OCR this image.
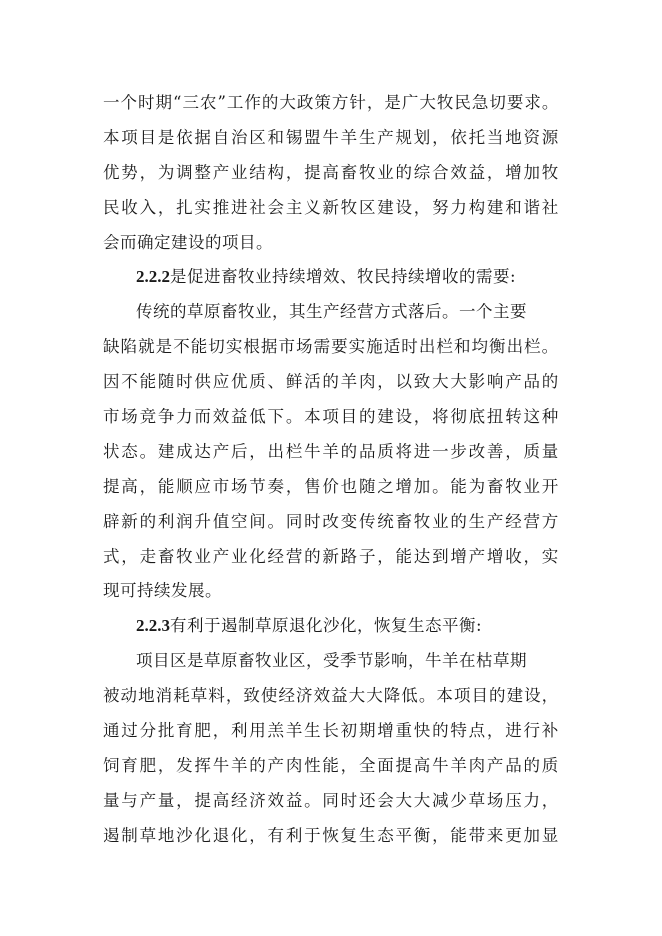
一 个 时 期 “ 三 农 ” 工 作 的 大 政 策 方 针 ， 是 广 大 牧 民 急 切 要 求 。
本 项 目 是 依 据 自 治 区 和 锡 盟 牛 羊 生 产 规 划 ， 依 托 当 地 资 源
优 势 ， 为 调 整 产 业 结 构 ， 提 高 畜 牧 业 的 综 合 效 益 ， 增 加 牧
民 收 入 ， 扎 实 推 进 社 会 主 义 新 牧 区 建 设 ， 努 力 构 建 和 谐 社
会而确定建设的项目。
2.2.2是促进畜牧业持续增效、牧民持续增收的需要:
传统的草原畜牧业，其生产经营方式落后。一个主要
缺 陷 就 是 不 能 切 实 根 据 市 场 需 要 实 施 适 时 出 栏 和 均 衡 出 栏 。
因 不 能 随 时 供 应 优 质 、 鲜 活 的 羊 肉 ， 以 致 大 大 影 响 产 品 的
市 场 竞 争 力 而 效 益 低 下 。 本 项 目 的 建 设 ， 将 彻 底 扭 转 这 种
状 态 。 建 成 达 产 后 ， 出 栏 牛 羊 的 品 质 将 进 一 步 改 善 ， 质 量
提 高 ， 能 顺 应 市 场 节 奏 ， 售 价 也 随 之 增 加 。 能 为 畜 牧 业 开
辟 新 的 利 润 升 值 空 间 。 同 时 改 变 传 统 畜 牧 业 的 生 产 经 营 方
式 ， 走 畜 牧 业 产 业 化 经 营 的 新 路 子 ， 能 达 到 增 产 增 收 ， 实
现可持续发展。
2.2.3有利于遏制草原退化沙化，恢复生态平衡:
项目区是草原畜牧业区，受季节影响，牛羊在枯草期
被 动 地 消 耗 草 料 ， 致 使 经 济 效 益 大 大 降 低 。 本 项 目 的 建 设 ，
通 过 分 批 育 肥 ， 利 用 羔 羊 生 长 初 期 增 重 快 的 特 点 ， 进 行 补
饲 育 肥 ， 发 挥 牛 羊 的 产 肉 性 能 ， 全 面 提 高 牛 羊 肉 产 品 的 质
量 与 产 量 ， 提 高 经 济 效 益 。 同 时 还 会 大 大 减 少 草 场 压 力 ，
遏 制 草 地 沙 化 退 化 ， 有 利 于 恢 复 生 态 平 衡 ， 能 带 来 更 加 显
